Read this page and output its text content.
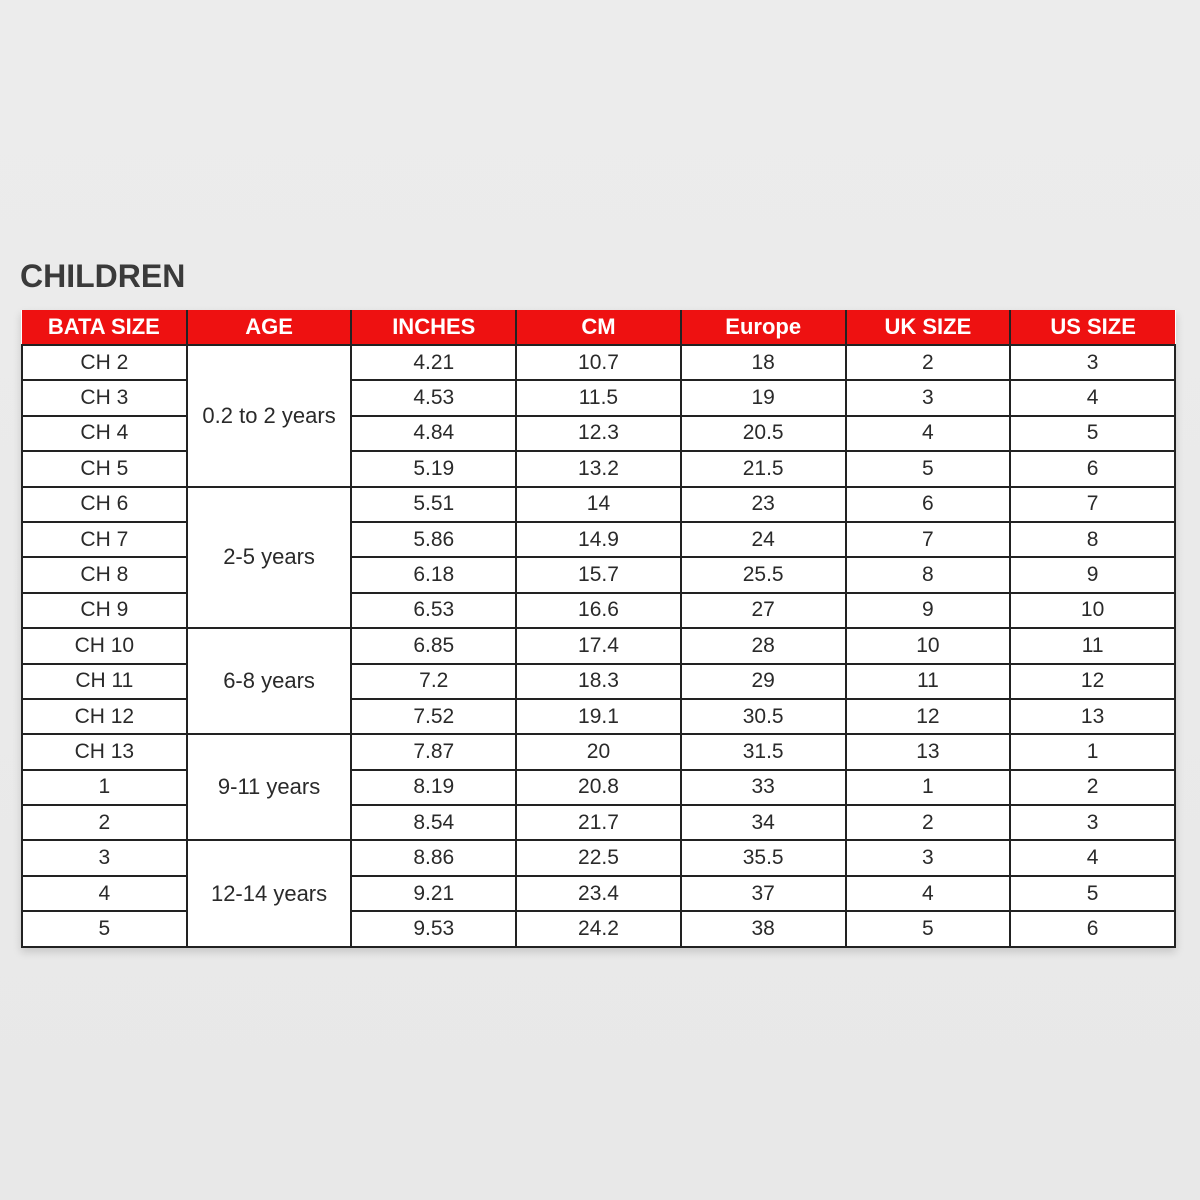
CHILDREN
BATA SIZE	AGE	INCHES	CM	Europe	UK SIZE	US SIZE
CH 2	0.2 to 2 years	4.21	10.7	18	2	3
CH 3		4.53	11.5	19	3	4
CH 4		4.84	12.3	20.5	4	5
CH 5		5.19	13.2	21.5	5	6
CH 6	2-5 years	5.51	14	23	6	7
CH 7		5.86	14.9	24	7	8
CH 8		6.18	15.7	25.5	8	9
CH 9		6.53	16.6	27	9	10
CH 10	6-8 years	6.85	17.4	28	10	11
CH 11		7.2	18.3	29	11	12
CH 12		7.52	19.1	30.5	12	13
CH 13	9-11 years	7.87	20	31.5	13	1
1		8.19	20.8	33	1	2
2		8.54	21.7	34	2	3
3	12-14 years	8.86	22.5	35.5	3	4
4		9.21	23.4	37	4	5
5		9.53	24.2	38	5	6
